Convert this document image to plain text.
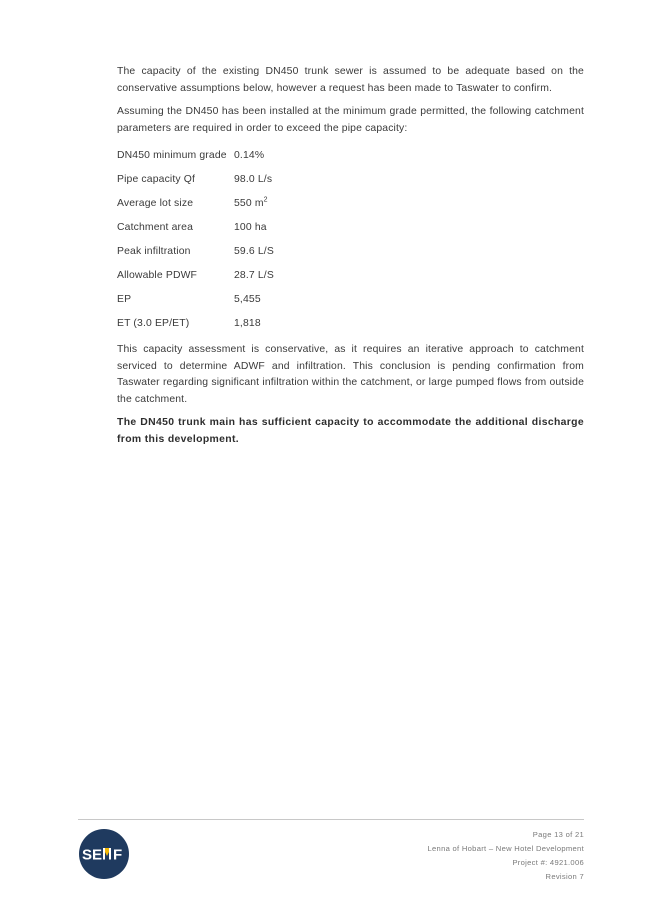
The capacity of the existing DN450 trunk sewer is assumed to be adequate based on the conservative assumptions below, however a request has been made to Taswater to confirm.

Assuming the DN450 has been installed at the minimum grade permitted, the following catchment parameters are required in order to exceed the pipe capacity:

DN450 minimum grade 0.14%
Pipe capacity Qf	98.0 L/s
Average lot size	550 $m^2$
Catchment area	100 ha
Peak infiltration	59.6 L/S
Allowable PDWF	28.7 L/S
EP	5,455
ET (3.0 EP/ET)	1,818

This capacity assessment is conservative, as it requires an iterative approach to catchment serviced to determine ADWF and infiltration. This conclusion is pending confirmation from Taswater regarding significant infiltration within the catchment, or large pumped flows from outside the catchment.

The DN450 trunk main has sufficient capacity to accommodate the additional discharge from this development.

S E F
Page 13 of 21
Lenna of Hobart – New Hotel Development
Project #: 4921.006
Revision 7
